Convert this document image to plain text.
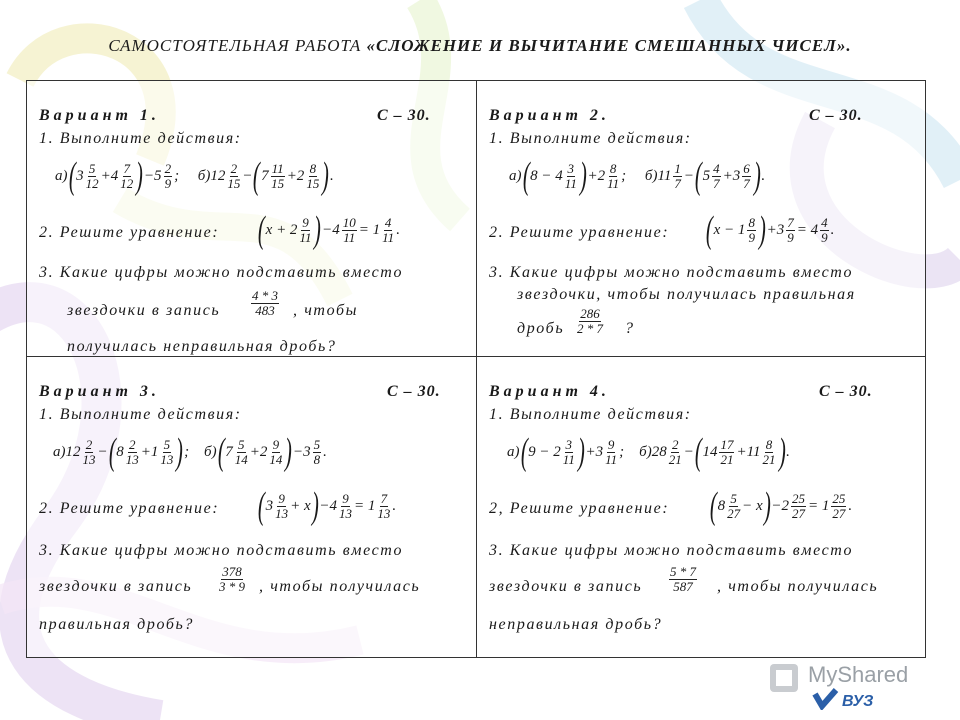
САМОСТОЯТЕЛЬНАЯ РАБОТА «СЛОЖЕНИЕ И ВЫЧИТАНИЕ СМЕШАННЫХ ЧИСЕЛ».
Вариант 1.	С – 30.
1. Выполните действия:
а) ( 3 5
12 +4 7
12 ) −5 2
9 ;     б)12 2
15 − ( 7 11
15 +2 8
15 ) .
2. Решите уравнение: ( x + 2 9
11 ) −4 10
11 = 1 4
11 .
3. Какие цифры можно подставить вместо
звездочки в запись
4 * 3
483 , чтобы
получилась неправильная дробь?
Вариант 2.	С – 30.
1. Выполните действия:
а) ( 8 − 4 3
11 ) +2 8
11 ;     б)11 1
7 − ( 5 4
7 +3 6
7 ) .
2. Решите уравнение: ( x − 1 8
9 ) +3 7
9 = 4 4
9 .
3. Какие цифры можно подставить вместо
звездочки, чтобы получилась правильная
дробь
286
2 * 7 ?
Вариант 3.	С – 30.
1. Выполните действия:
а)12 2
13 − ( 8 2
13 +1 5
13 ) ;    б) ( 7 5
14 +2 9
14 ) −3 5
8 .
2. Решите уравнение: ( 3 9
13 + x ) −4 9
13 = 1 7
13 .
3. Какие цифры можно подставить вместо
звездочки в запись
378
3 * 9 , чтобы получилась
правильная дробь?
Вариант 4.	С – 30.
1. Выполните действия:
а) ( 9 − 2 3
11 ) +3 9
11 ;    б)28 2
21 − ( 14 17
21 +11 8
21 ) .
2, Решите уравнение: ( 8 5
27 − x ) −2 25
27 = 1 25
27 .
3. Какие цифры можно подставить вместо
звездочки в запись
5 * 7
587 , чтобы получилась
неправильная дробь?
ВУЗ
MyShared
